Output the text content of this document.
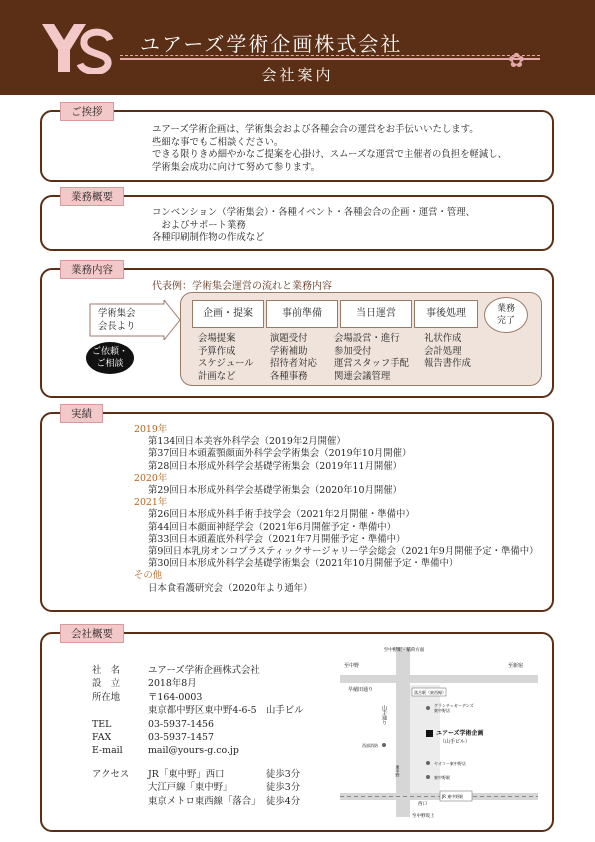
ユアーズ学術企画株式会社
✿
会社案内
ご挨拶
ユアーズ学術企画は、学術集会および各種会合の運営をお手伝いいたします。
些細な事でもご相談ください。
できる限りきめ細やかなご提案を心掛け、スムーズな運営で主催者の負担を軽減し、
学術集会成功に向けて努めて参ります。
業務概要
コンベンション（学術集会）・各種イベント・各種会合の企画・運営・管理、
　およびサポート業務
各種印刷制作物の作成など
業務内容
代表例：学術集会運営の流れと業務内容
学術集会
会長より
ご依頼・
ご相談
企画・提案	事前準備	当日運営	事後処理	業務
完了
会場提案
予算作成
スケジュール
計画など
演題受付
学術補助
招待者対応
各種事務
会場設営・進行
参加受付
運営スタッフ手配
関連会議管理
礼状作成
会計処理
報告書作成
実績
2019年
第134回日本美容外科学会（2019年2月開催）
第37回日本頭蓋顎顔面外科学会学術集会（2019年10月開催）
第28回日本形成外科学会基礎学術集会（2019年11月開催）
2020年
第29回日本形成外科学会基礎学術集会（2020年10月開催）
2021年
第26回日本形成外科手術手技学会（2021年2月開催・準備中）
第44回日本顔面神経学会（2021年6月開催予定・準備中）
第33回日本頭蓋底外科学会（2021年7月開催予定・準備中）
第9回日本乳房オンコプラスティックサージャリー学会総会（2021年9月開催予定・準備中）
第30回日本形成外科学会基礎学術集会（2021年10月開催予定・準備中）
その他
日本食看護研究会（2020年より通年）
会社概要
社　名	ユアーズ学術企画株式会社
設　立	2018年8月
所在地	〒164-0003
東京都中野区東中野4-6-5　山手ビル
TEL	03-5937-1456
FAX	03-5937-1457
E-mail	mail@yours-g.co.jp
アクセス JR「東中野」西口	徒歩3分
大江戸線「東中野」	徒歩3分
東京メトロ東西線「落合」 徒歩4分
至中野駅・稲荷方面
至中野	至新宿
早稲田通り
山手通り
落合駅（東西線）
グランチェガーデンズ
東中野店
ユアーズ学術企画
（山手ビル）
西部消防
ヤオコー東中野店
東中野駅
西口
JR 東中野駅
至中野坂上
東中野
